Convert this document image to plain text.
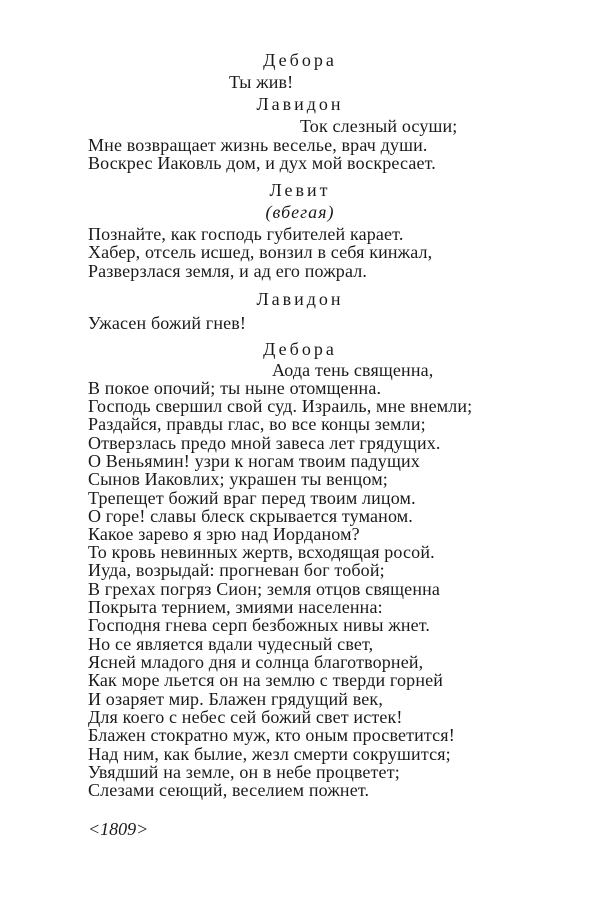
Дебора
Ты жив!
Лавидон
Ток слезный осуши;
Мне возвращает жизнь веселье, врач души.
Воскрес Иаковль дом, и дух мой воскресает.
Левит
(вбегая)
Познайте, как господь губителей карает.
Хабер, отсель исшед, вонзил в себя кинжал,
Разверзлася земля, и ад его пожрал.
Лавидон
Ужасен божий гнев!
Дебора
Аода тень священна,
В покое опочий; ты ныне отомщенна.
Господь свершил свой суд. Израиль, мне внемли;
Раздайся, правды глас, во все концы земли;
Отверзлась предо мной завеса лет грядущих.
О Веньямин! узри к ногам твоим падущих
Сынов Иаковлих; украшен ты венцом;
Трепещет божий враг перед твоим лицом.
О горе! славы блеск скрывается туманом.
Какое зарево я зрю над Иорданом?
То кровь невинных жертв, всходящая росой.
Иуда, возрыдай: прогневан бог тобой;
В грехах погряз Сион; земля отцов священна
Покрыта тернием, змиями населенна:
Господня гнева серп безбожных нивы жнет.
Но се является вдали чудесный свет,
Ясней младого дня и солнца благотворней,
Как море льется он на землю с тверди горней
И озаряет мир. Блажен грядущий век,
Для коего с небес сей божий свет истек!
Блажен стократно муж, кто оным просветится!
Над ним, как былие, жезл смерти сокрушится;
Увядший на земле, он в небе процветет;
Слезами сеющий, веселием пожнет.
<1809>
